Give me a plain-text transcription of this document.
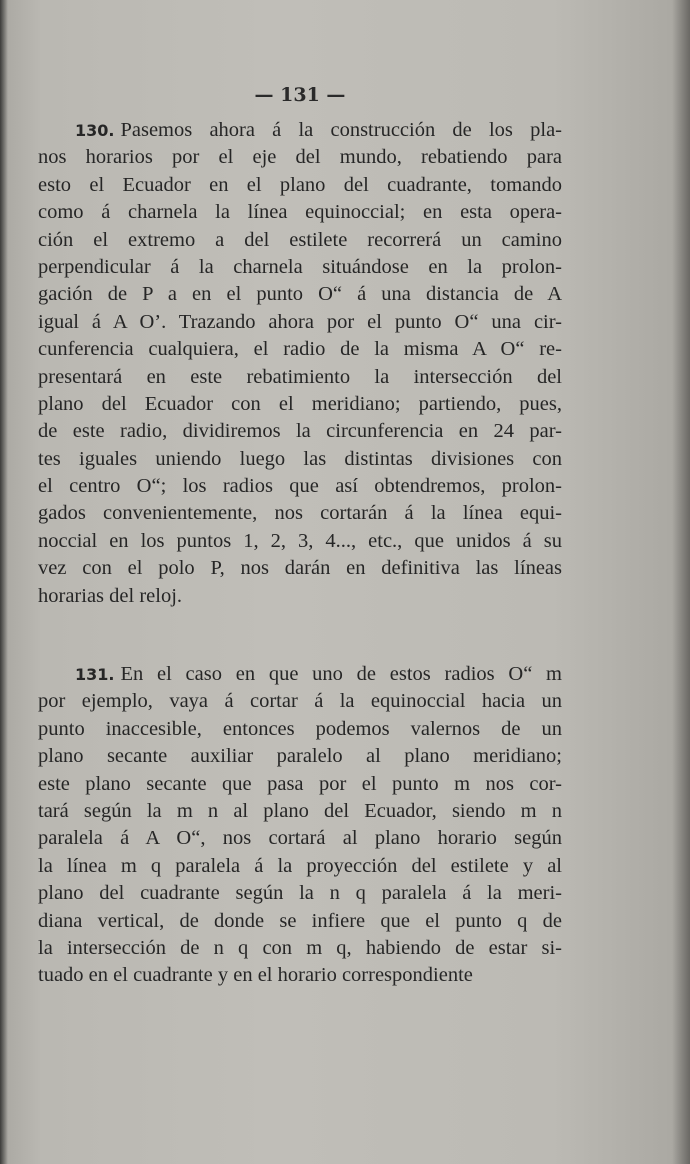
— 131 —
130. Pasemos ahora á la construcción de los pla-
nos horarios por el eje del mundo, rebatiendo para
esto el Ecuador en el plano del cuadrante, tomando
como á charnela la línea equinoccial; en esta opera-
ción el extremo a del estilete recorrerá un camino
perpendicular á la charnela situándose en la prolon-
gación de P a en el punto O“ á una distancia de A
igual á A O’. Trazando ahora por el punto O“ una cir-
cunferencia cualquiera, el radio de la misma A O“ re-
presentará en este rebatimiento la intersección del
plano del Ecuador con el meridiano; partiendo, pues,
de este radio, dividiremos la circunferencia en 24 par-
tes iguales uniendo luego las distintas divisiones con
el centro O“; los radios que así obtendremos, prolon-
gados convenientemente, nos cortarán á la línea equi-
noccial en los puntos 1, 2, 3, 4..., etc., que unidos á su
vez con el polo P, nos darán en definitiva las líneas
horarias del reloj.
131. En el caso en que uno de estos radios O“ m
por ejemplo, vaya á cortar á la equinoccial hacia un
punto inaccesible, entonces podemos valernos de un
plano secante auxiliar paralelo al plano meridiano;
este plano secante que pasa por el punto m nos cor-
tará según la m n al plano del Ecuador, siendo m n
paralela á A O“, nos cortará al plano horario según
la línea m q paralela á la proyección del estilete y al
plano del cuadrante según la n q paralela á la meri-
diana vertical, de donde se infiere que el punto q de
la intersección de n q con m q, habiendo de estar si-
tuado en el cuadrante y en el horario correspondiente
